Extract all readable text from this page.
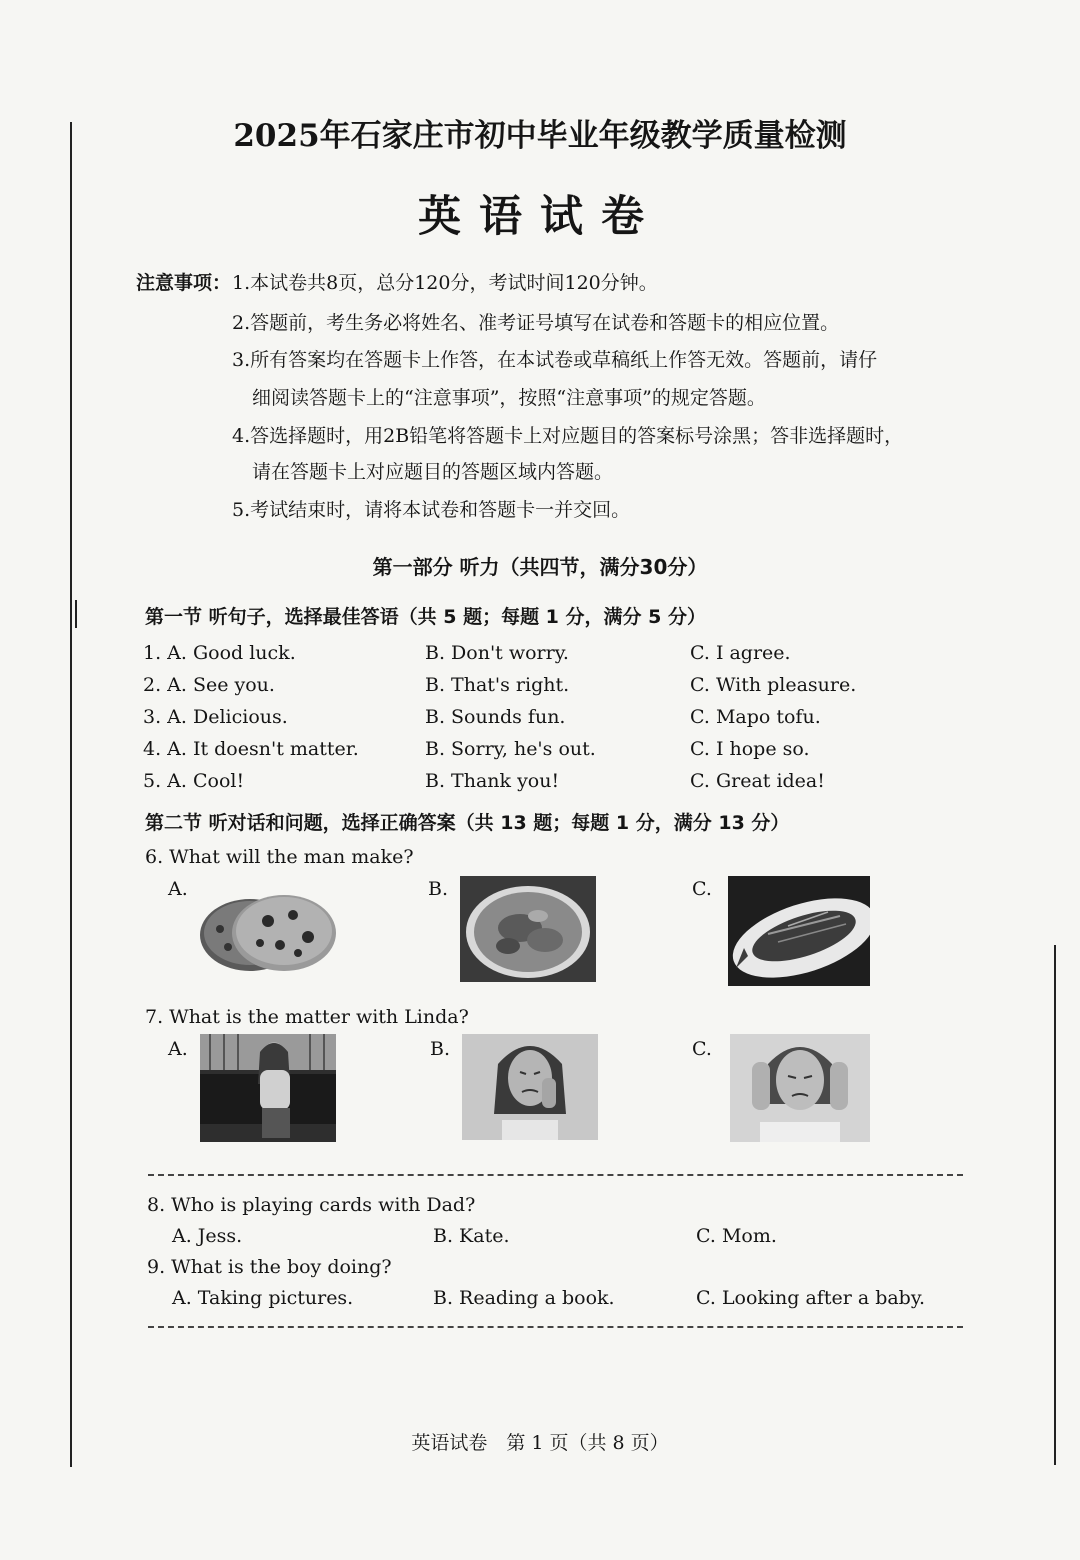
2025年石家庄市初中毕业年级教学质量检测
英语试卷
注意事项： 1.本试卷共8页，总分120分，考试时间120分钟。
2.答题前，考生务必将姓名、准考证号填写在试卷和答题卡的相应位置。
3.所有答案均在答题卡上作答，在本试卷或草稿纸上作答无效。答题前，请仔
细阅读答题卡上的“注意事项”，按照“注意事项”的规定答题。
4.答选择题时，用2B铅笔将答题卡上对应题目的答案标号涂黑；答非选择题时，
请在答题卡上对应题目的答题区域内答题。
5.考试结束时，请将本试卷和答题卡一并交回。
第一部分 听力（共四节，满分30分）
第一节 听句子，选择最佳答语（共 5 题；每题 1 分，满分 5 分）
1. A. Good luck.	B. Don't worry.	C. I agree.
2. A. See you.	B. That's right.	C. With pleasure.
3. A. Delicious.	B. Sounds fun.	C. Mapo tofu.
4. A. It doesn't matter.	B. Sorry, he's out.	C. I hope so.
5. A. Cool!	B. Thank you!	C. Great idea!
第二节 听对话和问题，选择正确答案（共 13 题；每题 1 分，满分 13 分）
6. What will the man make?
A.	B.	C.
7. What is the matter with Linda?
A.	B.	C.
8. Who is playing cards with Dad?
A. Jess.	B. Kate.	C. Mom.
9. What is the boy doing?
A. Taking pictures.	B. Reading a book.	C. Looking after a baby.
英语试卷　第 1 页（共 8 页）
